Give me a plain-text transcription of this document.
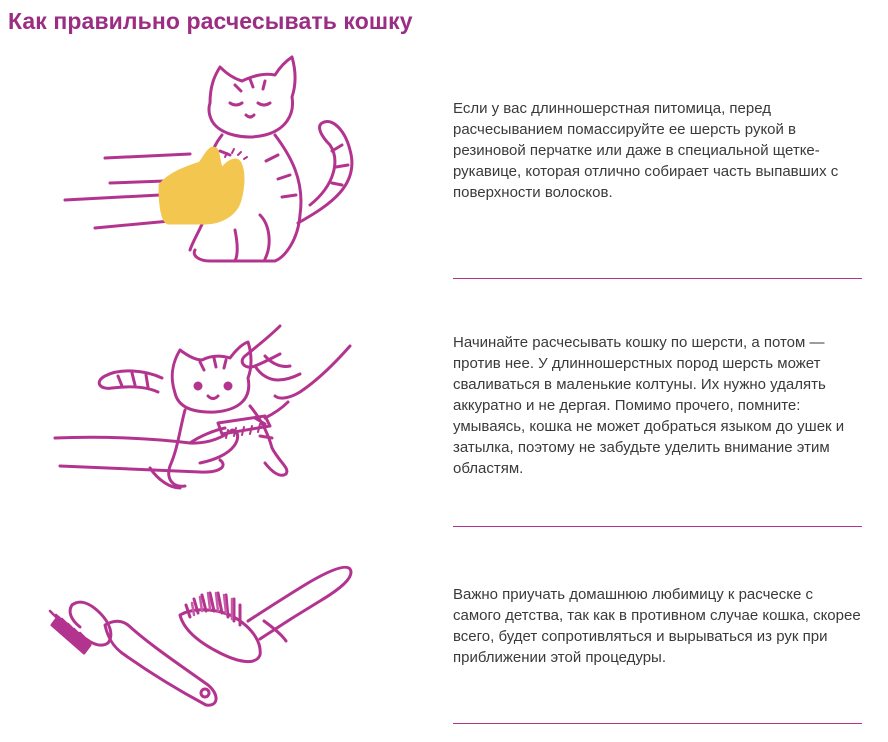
Как правильно расчесывать кошку
Если у вас длинношерстная питомица, перед расчесыванием помассируйте ее шерсть рукой в резиновой перчатке или даже в специальной щетке-рукавице, которая отлично собирает часть выпавших с поверхности волосков.
Начинайте расчесывать кошку по шерсти, а потом — против нее. У длинношерстных пород шерсть может сваливаться в маленькие колтуны. Их нужно удалять аккуратно и не дергая. Помимо прочего, помните: умываясь, кошка не может добраться языком до ушек и затылка, поэтому не забудьте уделить внимание этим областям.
Важно приучать домашнюю любимицу к расческе с самого детства, так как в противном случае кошка, скорее всего, будет сопротивляться и вырываться из рук при приближении этой процедуры.
